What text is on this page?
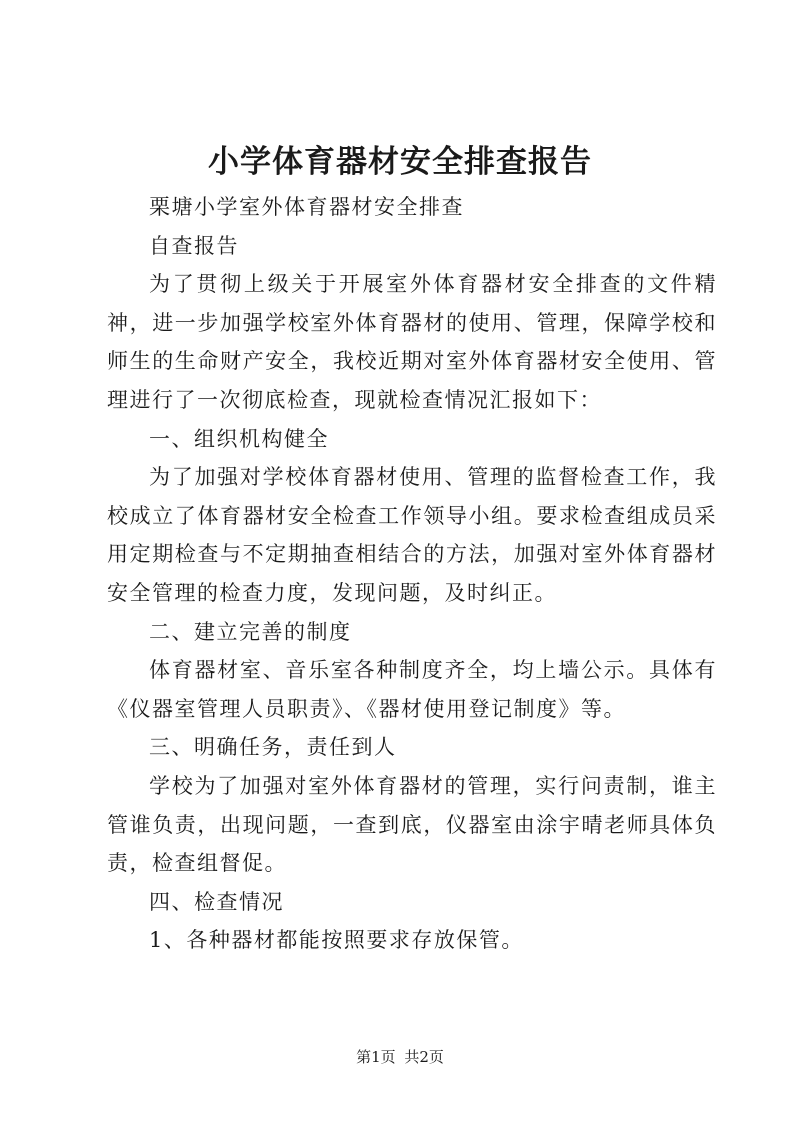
小学体育器材安全排查报告

栗塘小学室外体育器材安全排查

自查报告

为了贯彻上级关于开展室外体育器材安全排查的文件精神，进一步加强学校室外体育器材的使用、管理，保障学校和师生的生命财产安全，我校近期对室外体育器材安全使用、管理进行了一次彻底检查，现就检查情况汇报如下：

一、组织机构健全

为了加强对学校体育器材使用、管理的监督检查工作，我校成立了体育器材安全检查工作领导小组。要求检查组成员采用定期检查与不定期抽查相结合的方法，加强对室外体育器材安全管理的检查力度，发现问题，及时纠正。

二、建立完善的制度

体育器材室、音乐室各种制度齐全，均上墙公示。具体有《仪器室管理人员职责》、《器材使用登记制度》等。

三、明确任务，责任到人

学校为了加强对室外体育器材的管理，实行问责制，谁主管谁负责，出现问题，一查到底，仪器室由涂宇晴老师具体负责，检查组督促。

四、检查情况

1、各种器材都能按照要求存放保管。

第1页 共2页
